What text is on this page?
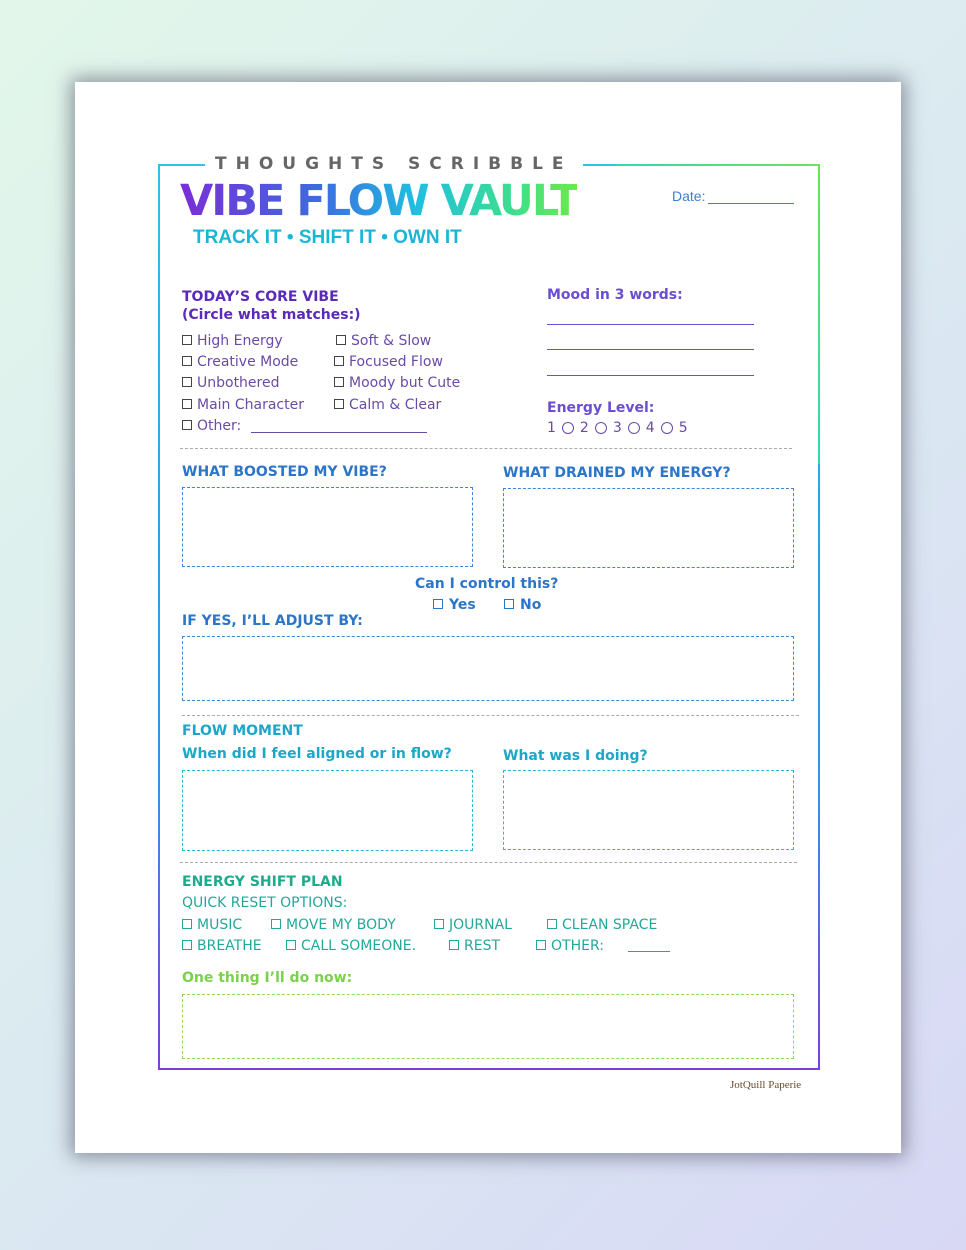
THOUGHTS SCRIBBLE
VIBE FLOW VAULT
TRACK IT • SHIFT IT • OWN IT
Date:
TODAY’S CORE VIBE
(Circle what matches:)
High Energy
Creative Mode
Unbothered
Main Character
Other:
Soft & Slow
Focused Flow
Moody but Cute
Calm & Clear
Mood in 3 words:
Energy Level:
1 2 3 4 5
WHAT BOOSTED MY VIBE?	WHAT DRAINED MY ENERGY?
Can I control this?
Yes	No
IF YES, I’LL ADJUST BY:
FLOW MOMENT
When did I feel aligned or in flow?	What was I doing?
ENERGY SHIFT PLAN
QUICK RESET OPTIONS:
MUSIC	MOVE MY BODY	JOURNAL	CLEAN SPACE
BREATHE	CALL SOMEONE.	REST	OTHER:
One thing I’ll do now:
JotQuill Paperie
